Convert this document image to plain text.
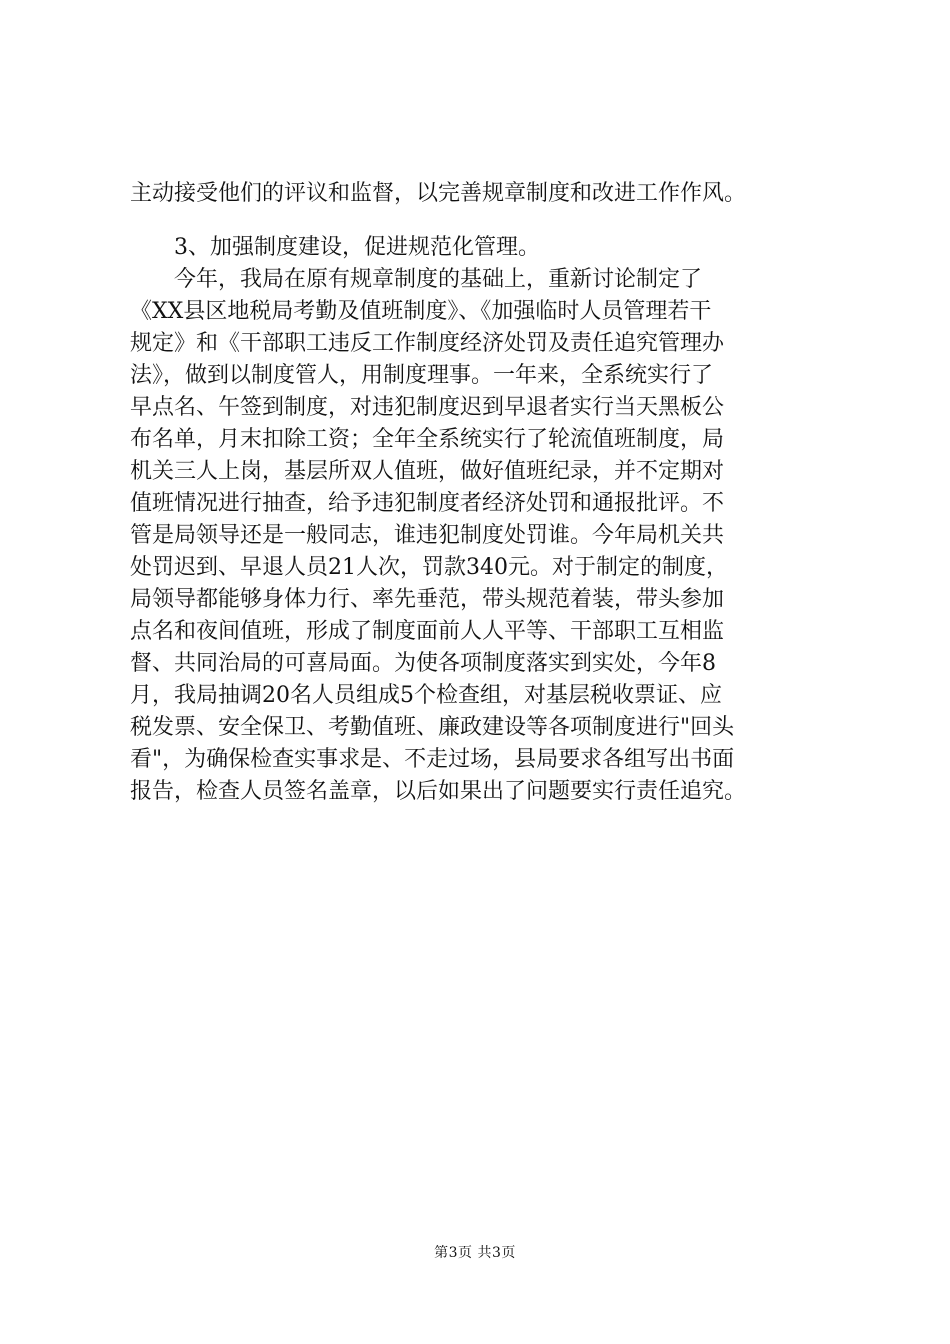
主动接受他们的评议和监督，以完善规章制度和改进工作作风。
　　3、加强制度建设，促进规范化管理。
　　今年，我局在原有规章制度的基础上，重新讨论制定了
《XX县区地税局考勤及值班制度》、《加强临时人员管理若干
规定》和《干部职工违反工作制度经济处罚及责任追究管理办
法》，做到以制度管人，用制度理事。一年来，全系统实行了
早点名、午签到制度，对违犯制度迟到早退者实行当天黑板公
布名单，月末扣除工资；全年全系统实行了轮流值班制度，局
机关三人上岗，基层所双人值班，做好值班纪录，并不定期对
值班情况进行抽查，给予违犯制度者经济处罚和通报批评。不
管是局领导还是一般同志，谁违犯制度处罚谁。今年局机关共
处罚迟到、早退人员21人次，罚款340元。对于制定的制度，
局领导都能够身体力行、率先垂范，带头规范着装，带头参加
点名和夜间值班，形成了制度面前人人平等、干部职工互相监
督、共同治局的可喜局面。为使各项制度落实到实处，今年8
月，我局抽调20名人员组成5个检查组，对基层税收票证、应
税发票、安全保卫、考勤值班、廉政建设等各项制度进行"回头
看"，为确保检查实事求是、不走过场，县局要求各组写出书面
报告，检查人员签名盖章，以后如果出了问题要实行责任追究。
第3页 共3页
